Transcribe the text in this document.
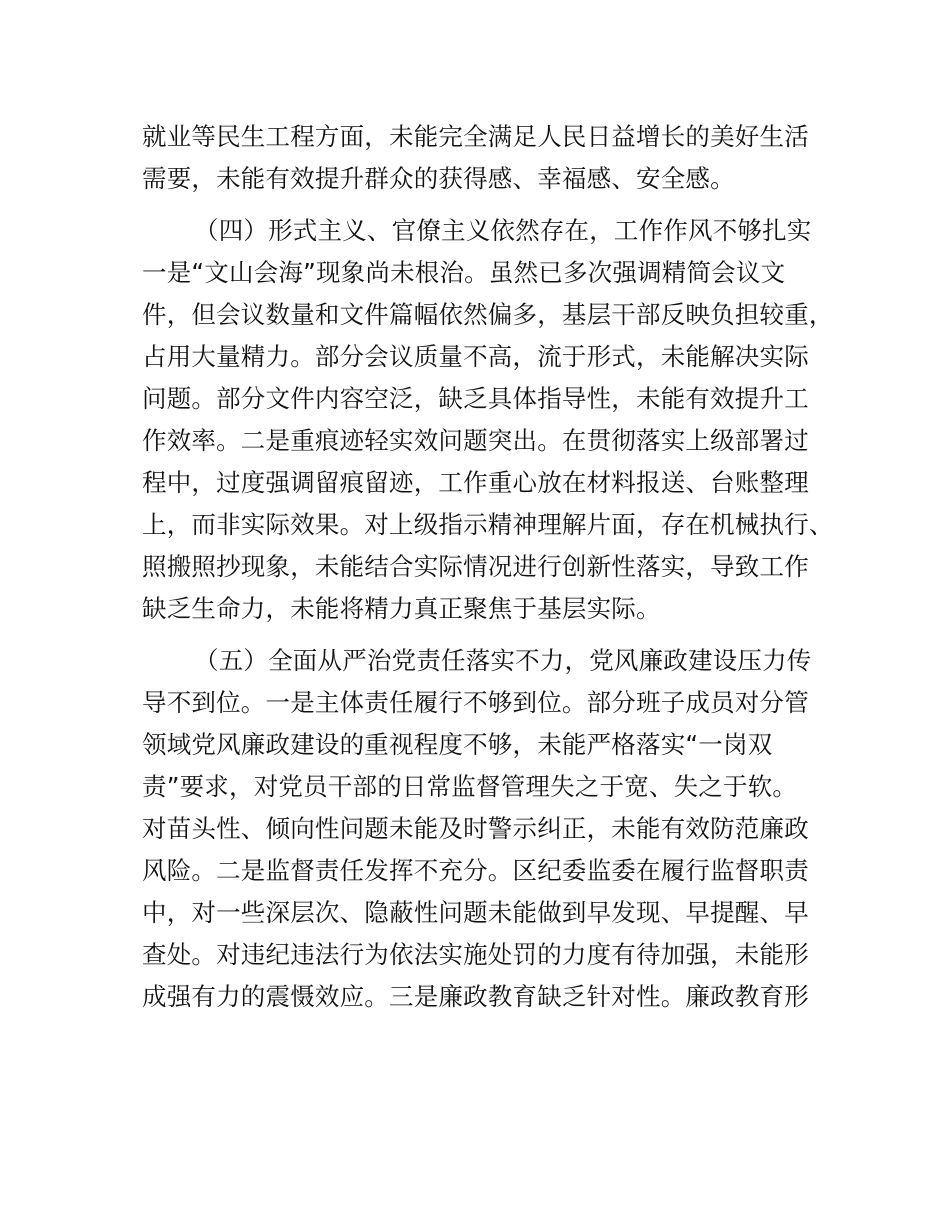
就业等民生工程方面，未能完全满足人民日益增长的美好生活
需要，未能有效提升群众的获得感、幸福感、安全感。
（四）形式主义、官僚主义依然存在，工作作风不够扎实
一是“文山会海”现象尚未根治。虽然已多次强调精简会议文
件，但会议数量和文件篇幅依然偏多，基层干部反映负担较重，
占用大量精力。部分会议质量不高，流于形式，未能解决实际
问题。部分文件内容空泛，缺乏具体指导性，未能有效提升工
作效率。二是重痕迹轻实效问题突出。在贯彻落实上级部署过
程中，过度强调留痕留迹，工作重心放在材料报送、台账整理
上，而非实际效果。对上级指示精神理解片面，存在机械执行、
照搬照抄现象，未能结合实际情况进行创新性落实，导致工作
缺乏生命力，未能将精力真正聚焦于基层实际。
（五）全面从严治党责任落实不力，党风廉政建设压力传
导不到位。一是主体责任履行不够到位。部分班子成员对分管
领域党风廉政建设的重视程度不够，未能严格落实“一岗双
责”要求，对党员干部的日常监督管理失之于宽、失之于软。
对苗头性、倾向性问题未能及时警示纠正，未能有效防范廉政
风险。二是监督责任发挥不充分。区纪委监委在履行监督职责
中，对一些深层次、隐蔽性问题未能做到早发现、早提醒、早
查处。对违纪违法行为依法实施处罚的力度有待加强，未能形
成强有力的震慑效应。三是廉政教育缺乏针对性。廉政教育形
